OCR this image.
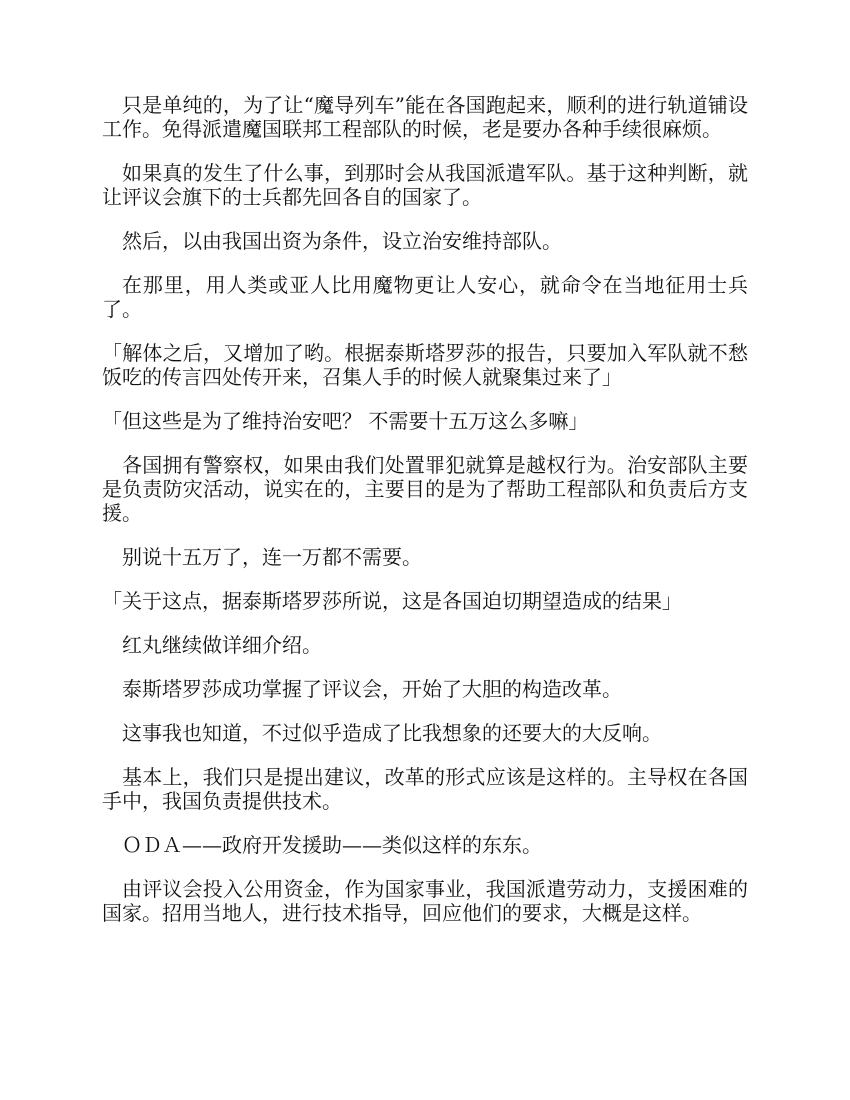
只是单纯的，为了让“魔导列车”能在各国跑起来，顺利的进行轨道铺设工作。免得派遣魔国联邦工程部队的时候，老是要办各种手续很麻烦。

如果真的发生了什么事，到那时会从我国派遣军队。基于这种判断，就让评议会旗下的士兵都先回各自的国家了。

然后，以由我国出资为条件，设立治安维持部队。

在那里，用人类或亚人比用魔物更让人安心，就命令在当地征用士兵了。

「解体之后，又增加了哟。根据泰斯塔罗莎的报告，只要加入军队就不愁饭吃的传言四处传开来，召集人手的时候人就聚集过来了」

「但这些是为了维持治安吧？ 不需要十五万这么多嘛」

各国拥有警察权，如果由我们处置罪犯就算是越权行为。治安部队主要是负责防灾活动，说实在的，主要目的是为了帮助工程部队和负责后方支援。

别说十五万了，连一万都不需要。

「关于这点，据泰斯塔罗莎所说，这是各国迫切期望造成的结果」

红丸继续做详细介绍。

泰斯塔罗莎成功掌握了评议会，开始了大胆的构造改革。

这事我也知道，不过似乎造成了比我想象的还要大的大反响。

基本上，我们只是提出建议，改革的形式应该是这样的。主导权在各国手中，我国负责提供技术。

ＯＤＡ——政府开发援助——类似这样的东东。

由评议会投入公用资金，作为国家事业，我国派遣劳动力，支援困难的国家。招用当地人，进行技术指导，回应他们的要求，大概是这样。
